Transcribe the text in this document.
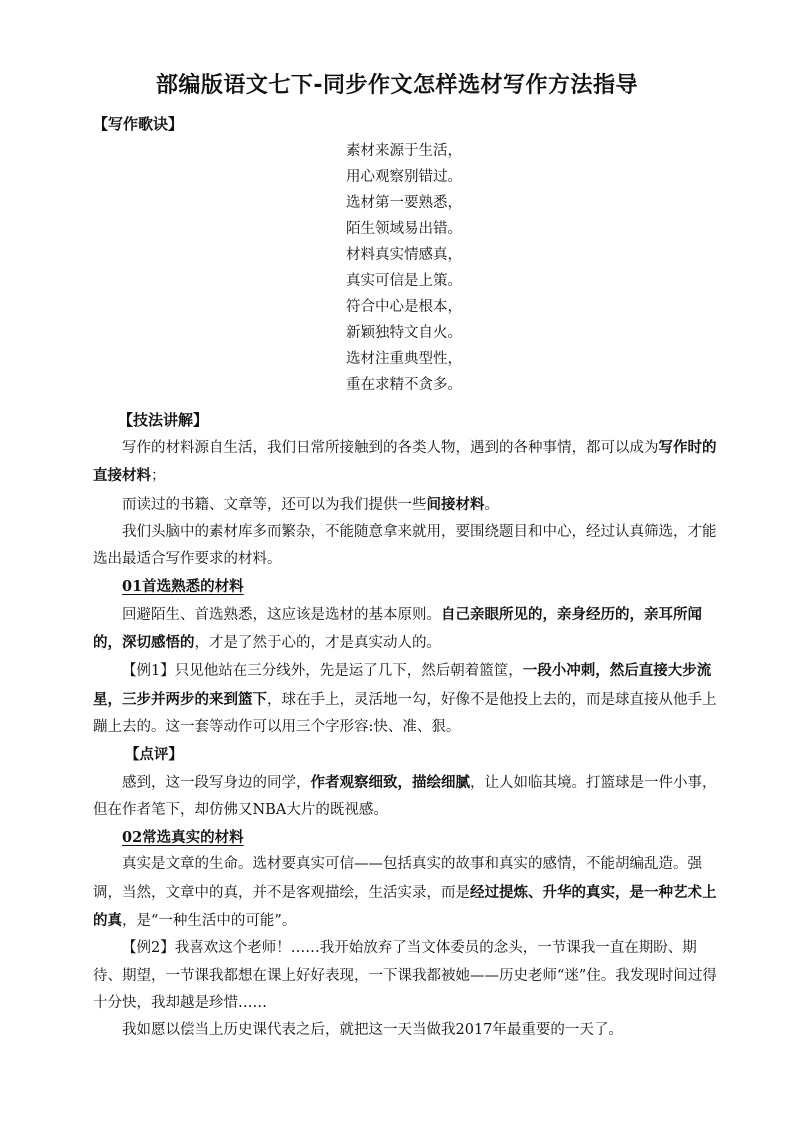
部编版语文七下-同步作文怎样选材写作方法指导
【写作歌诀】
素材来源于生活，
用心观察别错过。
选材第一要熟悉，
陌生领域易出错。
材料真实情感真，
真实可信是上策。
符合中心是根本，
新颖独特文自火。
选材注重典型性，
重在求精不贪多。
【技法讲解】

写作的材料源自生活，我们日常所接触到的各类人物，遇到的各种事情，都可以成为写作时的直接材料；

而读过的书籍、文章等，还可以为我们提供一些间接材料。

我们头脑中的素材库多而繁杂，不能随意拿来就用，要围绕题目和中心，经过认真筛选，才能选出最适合写作要求的材料。

01首选熟悉的材料

回避陌生、首选熟悉，这应该是选材的基本原则。自己亲眼所见的，亲身经历的，亲耳所闻的，深切感悟的，才是了然于心的，才是真实动人的。

【例1】只见他站在三分线外，先是运了几下，然后朝着篮筐，一段小冲刺，然后直接大步流星，三步并两步的来到篮下，球在手上，灵活地一勾，好像不是他投上去的，而是球直接从他手上蹦上去的。这一套等动作可以用三个字形容:快、准、狠。

【点评】

感到，这一段写身边的同学，作者观察细致，描绘细腻，让人如临其境。打篮球是一件小事，但在作者笔下，却仿佛又NBA大片的既视感。

02常选真实的材料

真实是文章的生命。选材要真实可信——包括真实的故事和真实的感情，不能胡编乱造。强调，当然，文章中的真，并不是客观描绘，生活实录，而是经过提炼、升华的真实，是一种艺术上的真，是“一种生活中的可能”。

【例2】我喜欢这个老师！……我开始放弃了当文体委员的念头，一节课我一直在期盼、期待、期望，一节课我都想在课上好好表现，一下课我都被她——历史老师“迷”住。我发现时间过得十分快，我却越是珍惜……

我如愿以偿当上历史课代表之后，就把这一天当做我2017年最重要的一天了。
